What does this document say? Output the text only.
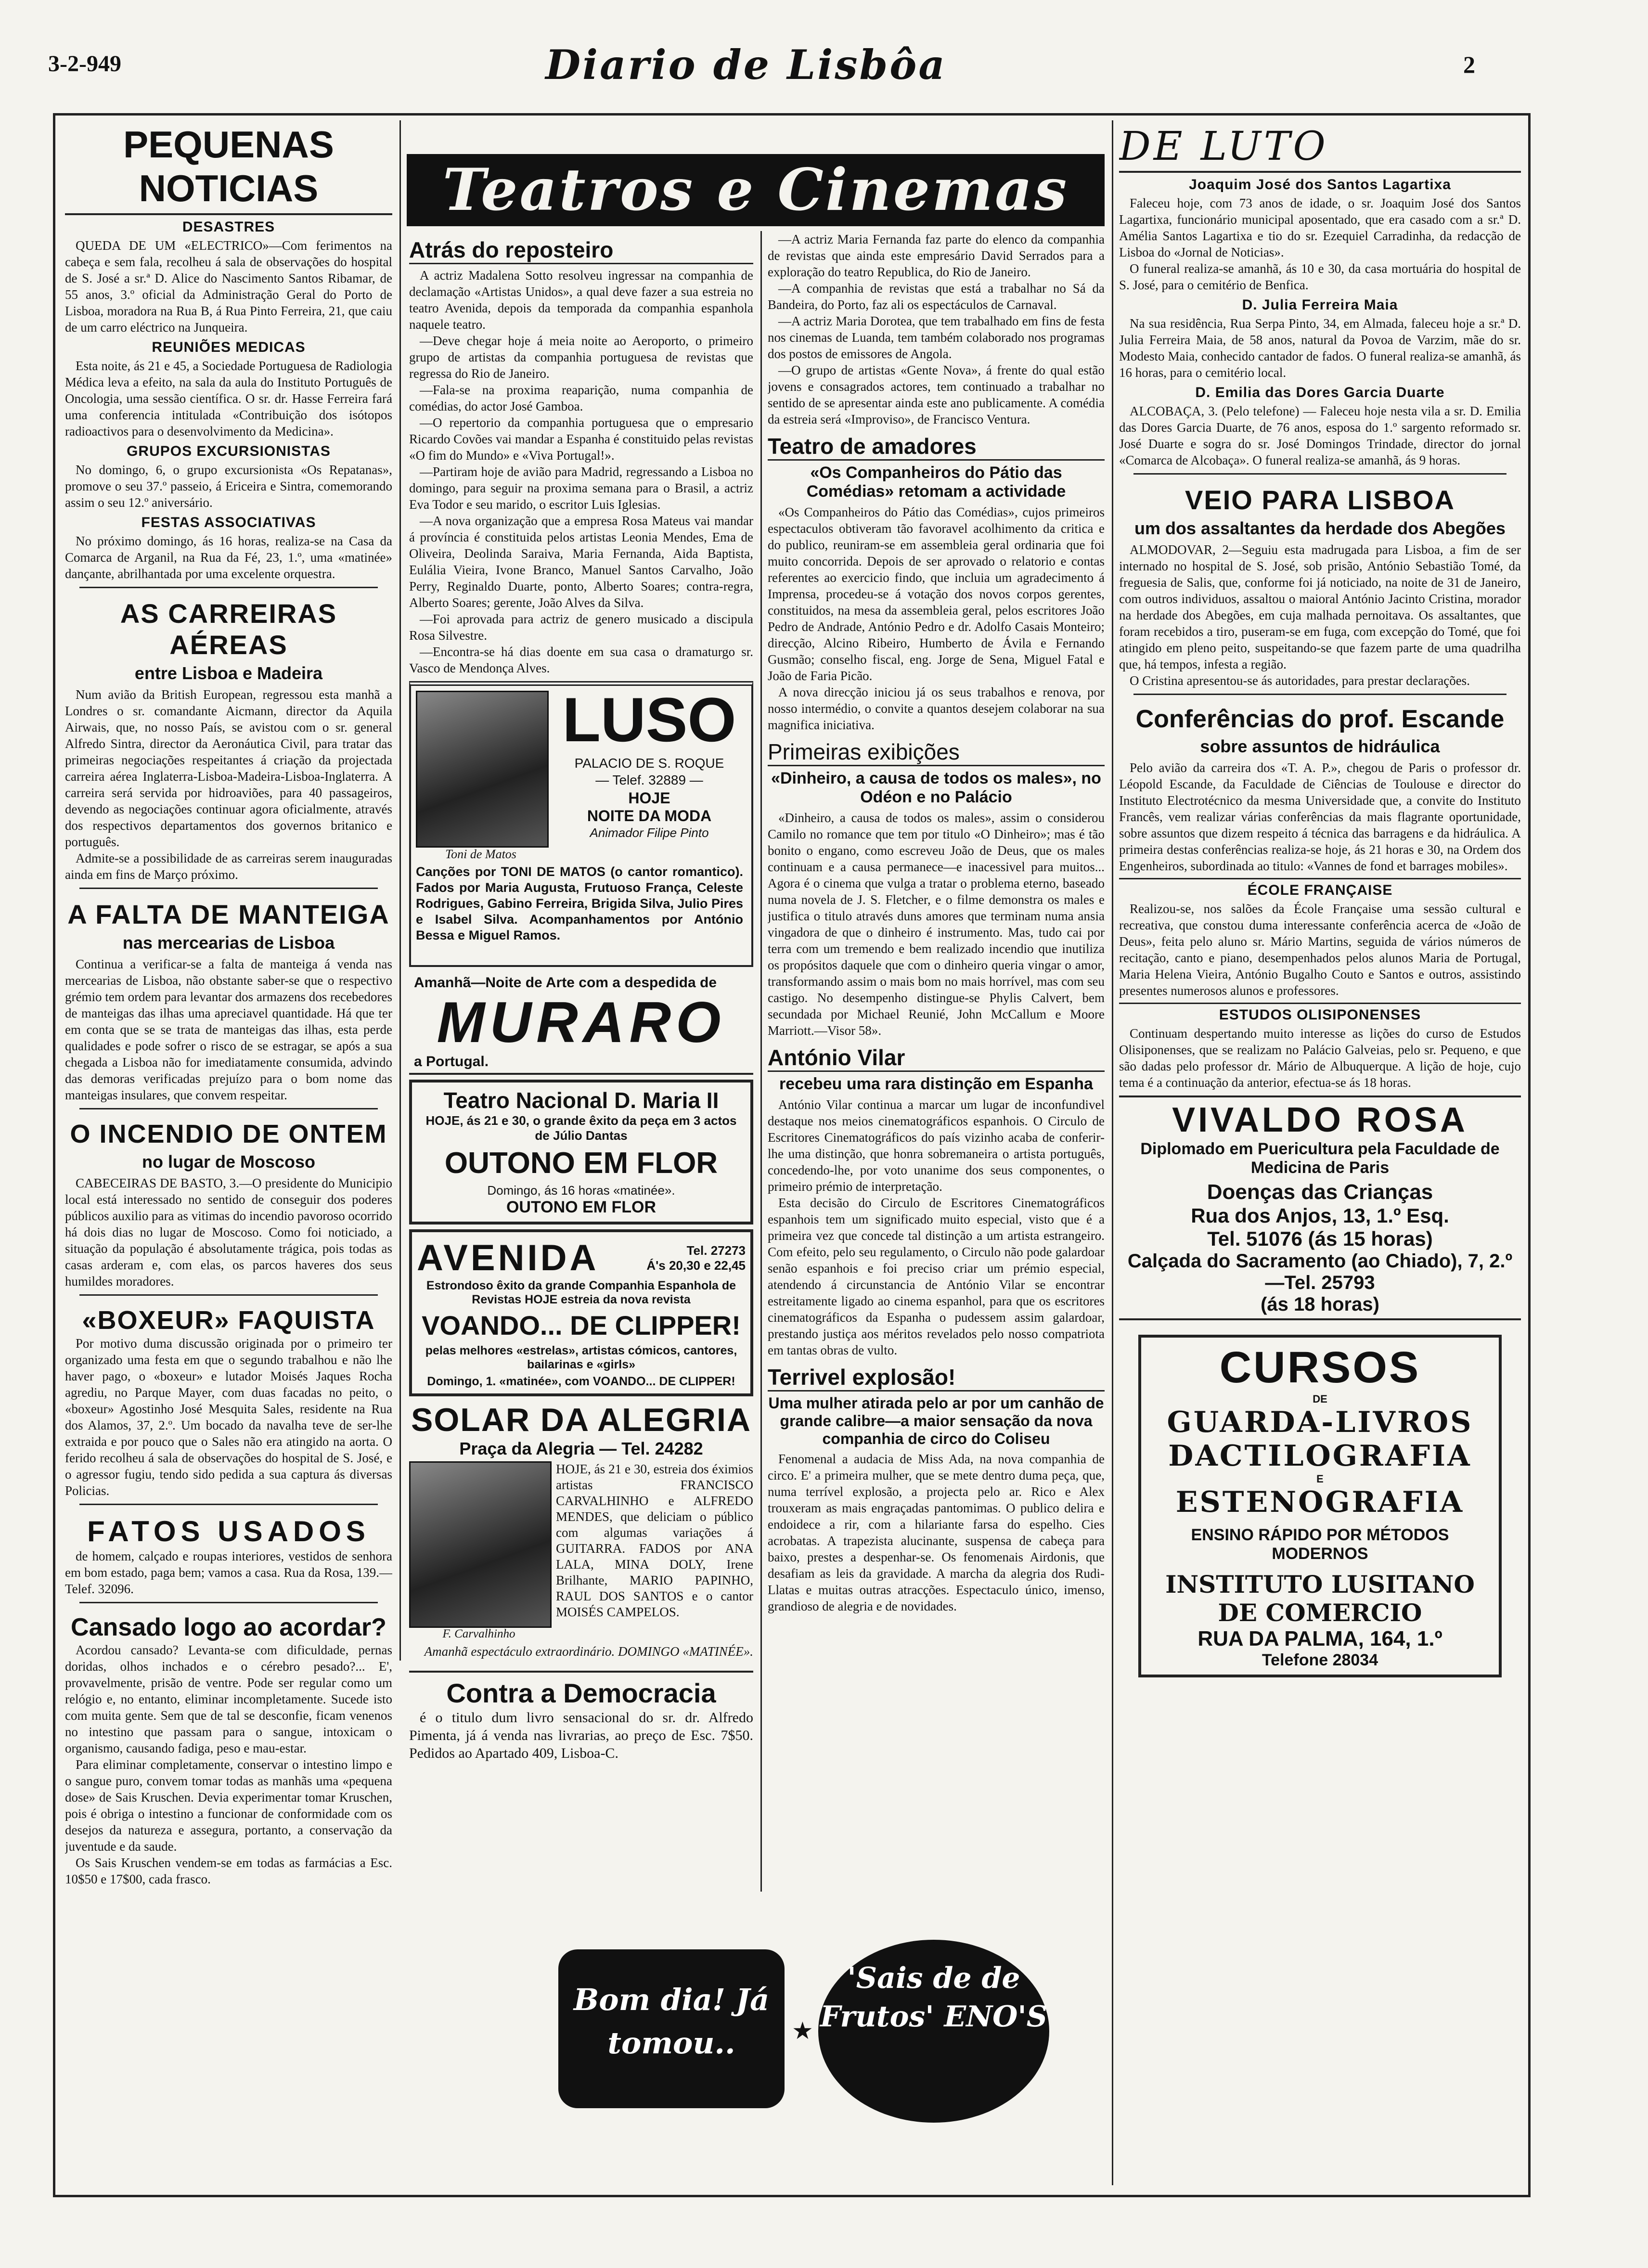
3-2-949	Diario de Lisbôa	2
PEQUENAS NOTICIAS
DESASTRES

QUEDA DE UM «ELECTRICO»—Com ferimentos na cabeça e sem fala, recolheu á sala de observações do hospital de S. José a sr.ª D. Alice do Nascimento Santos Ribamar, de 55 anos, 3.º oficial da Administração Geral do Porto de Lisboa, moradora na Rua B, á Rua Pinto Ferreira, 21, que caiu de um carro eléctrico na Junqueira.

REUNIÕES MEDICAS

Esta noite, ás 21 e 45, a Sociedade Portuguesa de Radiologia Médica leva a efeito, na sala da aula do Instituto Português de Oncologia, uma sessão científica. O sr. dr. Hasse Ferreira fará uma conferencia intitulada «Contribuição dos isótopos radioactivos para o desenvolvimento da Medicina».

GRUPOS EXCURSIONISTAS

No domingo, 6, o grupo excursionista «Os Repatanas», promove o seu 37.º passeio, á Ericeira e Sintra, comemorando assim o seu 12.º aniversário.

FESTAS ASSOCIATIVAS

No próximo domingo, ás 16 horas, realiza-se na Casa da Comarca de Arganil, na Rua da Fé, 23, 1.º, uma «matinée» dançante, abrilhantada por uma excelente orquestra.

AS CARREIRAS AÉREAS
entre Lisboa e Madeira

Num avião da British European, regressou esta manhã a Londres o sr. comandante Aicmann, director da Aquila Airwais, que, no nosso País, se avistou com o sr. general Alfredo Sintra, director da Aeronáutica Civil, para tratar das primeiras negociações respeitantes á criação da projectada carreira aérea Inglaterra-Lisboa-Madeira-Lisboa-Inglaterra. A carreira será servida por hidroaviões, para 40 passageiros, devendo as negociações continuar agora oficialmente, através dos respectivos departamentos dos governos britanico e português.

Admite-se a possibilidade de as carreiras serem inauguradas ainda em fins de Março próximo.

A FALTA DE MANTEIGA
nas mercearias de Lisboa

Continua a verificar-se a falta de manteiga á venda nas mercearias de Lisboa, não obstante saber-se que o respectivo grémio tem ordem para levantar dos armazens dos recebedores de manteigas das ilhas uma apreciavel quantidade. Há que ter em conta que se se trata de manteigas das ilhas, esta perde qualidades e pode sofrer o risco de se estragar, se após a sua chegada a Lisboa não for imediatamente consumida, advindo das demoras verificadas prejuízo para o bom nome das manteigas insulares, que convem respeitar.

O INCENDIO DE ONTEM
no lugar de Moscoso

CABECEIRAS DE BASTO, 3.—O presidente do Municipio local está interessado no sentido de conseguir dos poderes públicos auxilio para as vitimas do incendio pavoroso ocorrido há dois dias no lugar de Moscoso. Como foi noticiado, a situação da população é absolutamente trágica, pois todas as casas arderam e, com elas, os parcos haveres dos seus humildes moradores.

«BOXEUR» FAQUISTA

Por motivo duma discussão originada por o primeiro ter organizado uma festa em que o segundo trabalhou e não lhe haver pago, o «boxeur» e lutador Moisés Jaques Rocha agrediu, no Parque Mayer, com duas facadas no peito, o «boxeur» Agostinho José Mesquita Sales, residente na Rua dos Alamos, 37, 2.º. Um bocado da navalha teve de ser-lhe extraida e por pouco que o Sales não era atingido na aorta. O ferido recolheu á sala de observações do hospital de S. José, e o agressor fugiu, tendo sido pedida a sua captura ás diversas Policias.

FATOS USADOS

de homem, calçado e roupas interiores, vestidos de senhora em bom estado, paga bem; vamos a casa. Rua da Rosa, 139.—Telef. 32096.

Cansado logo ao acordar?

Acordou cansado? Levanta-se com dificuldade, pernas doridas, olhos inchados e o cérebro pesado?... E', provavelmente, prisão de ventre. Pode ser regular como um relógio e, no entanto, eliminar incompletamente. Sucede isto com muita gente. Sem que de tal se desconfie, ficam venenos no intestino que passam para o sangue, intoxicam o organismo, causando fadiga, peso e mau-estar.

Para eliminar completamente, conservar o intestino limpo e o sangue puro, convem tomar todas as manhãs uma «pequena dose» de Sais Kruschen. Devia experimentar tomar Kruschen, pois é obriga o intestino a funcionar de conformidade com os desejos da natureza e assegura, portanto, a conservação da juventude e da saude.

Os Sais Kruschen vendem-se em todas as farmácias a Esc. 10$50 e 17$00, cada frasco.

Teatros e Cinemas
Atrás do reposteiro

A actriz Madalena Sotto resolveu ingressar na companhia de declamação «Artistas Unidos», a qual deve fazer a sua estreia no teatro Avenida, depois da temporada da companhia espanhola naquele teatro.

—Deve chegar hoje á meia noite ao Aeroporto, o primeiro grupo de artistas da companhia portuguesa de revistas que regressa do Rio de Janeiro.

—Fala-se na proxima reaparição, numa companhia de comédias, do actor José Gamboa.

—O repertorio da companhia portuguesa que o empresario Ricardo Covões vai mandar a Espanha é constituido pelas revistas «O fim do Mundo» e «Viva Portugal!».

—Partiram hoje de avião para Madrid, regressando a Lisboa no domingo, para seguir na proxima semana para o Brasil, a actriz Eva Todor e seu marido, o escritor Luis Iglesias.

—A nova organização que a empresa Rosa Mateus vai mandar á província é constituida pelos artistas Leonia Mendes, Ema de Oliveira, Deolinda Saraiva, Maria Fernanda, Aida Baptista, Eulália Vieira, Ivone Branco, Manuel Santos Carvalho, João Perry, Reginaldo Duarte, ponto, Alberto Soares; contra-regra, Alberto Soares; gerente, João Alves da Silva.

—Foi aprovada para actriz de genero musicado a discipula Rosa Silvestre.

—Encontra-se há dias doente em sua casa o dramaturgo sr. Vasco de Mendonça Alves.

LUSO
PALACIO DE S. ROQUE
— Telef. 32889 —
HOJE
NOITE DA MODA
Animador Filipe Pinto
Toni de Matos
Canções por TONI DE MATOS (o cantor romantico). Fados por Maria Augusta, Frutuoso França, Celeste Rodrigues, Gabino Ferreira, Brigida Silva, Julio Pires e Isabel Silva. Acompanhamentos por António Bessa e Miguel Ramos.
Amanhã—Noite de Arte com a despedida de
MURARO
a Portugal.
Teatro Nacional D. Maria II
HOJE, ás 21 e 30, o grande êxito da peça em 3 actos de Júlio Dantas
OUTONO EM FLOR
Domingo, ás 16 horas «matinée».
OUTONO EM FLOR
AVENIDA	Tel. 27273
Á's 20,30 e 22,45
Estrondoso êxito da grande Companhia Espanhola de Revistas HOJE estreia da nova revista
VOANDO... DE CLIPPER!
pelas melhores «estrelas», artistas cómicos, cantores, bailarinas e «girls»
Domingo, 1. «matinée», com VOANDO... DE CLIPPER!
SOLAR DA ALEGRIA
Praça da Alegria — Tel. 24282
HOJE, ás 21 e 30, estreia dos éximios artistas FRANCISCO CARVALHINHO e ALFREDO MENDES, que deliciam o público com algumas variações á GUITARRA. FADOS por ANA LALA, MINA DOLY, Irene Brilhante, MARIO PAPINHO, RAUL DOS SANTOS e o cantor MOISÉS CAMPELOS.
F. Carvalhinho
Amanhã espectáculo extraordinário. DOMINGO «MATINÉE».
Contra a Democracia

é o titulo dum livro sensacional do sr. dr. Alfredo Pimenta, já á venda nas livrarias, ao preço de Esc. 7$50. Pedidos ao Apartado 409, Lisboa-C.

—A actriz Maria Fernanda faz parte do elenco da companhia de revistas que ainda este empresário David Serrados para a exploração do teatro Republica, do Rio de Janeiro.

—A companhia de revistas que está a trabalhar no Sá da Bandeira, do Porto, faz ali os espectáculos de Carnaval.

—A actriz Maria Dorotea, que tem trabalhado em fins de festa nos cinemas de Luanda, tem também colaborado nos programas dos postos de emissores de Angola.

—O grupo de artistas «Gente Nova», á frente do qual estão jovens e consagrados actores, tem continuado a trabalhar no sentido de se apresentar ainda este ano publicamente. A comédia da estreia será «Improviso», de Francisco Ventura.

Teatro de amadores
«Os Companheiros do Pátio das Comédias» retomam a actividade

«Os Companheiros do Pátio das Comédias», cujos primeiros espectaculos obtiveram tão favoravel acolhimento da critica e do publico, reuniram-se em assembleia geral ordinaria que foi muito concorrida. Depois de ser aprovado o relatorio e contas referentes ao exercicio findo, que incluia um agradecimento á Imprensa, procedeu-se á votação dos novos corpos gerentes, constituidos, na mesa da assembleia geral, pelos escritores João Pedro de Andrade, António Pedro e dr. Adolfo Casais Monteiro; direcção, Alcino Ribeiro, Humberto de Ávila e Fernando Gusmão; conselho fiscal, eng. Jorge de Sena, Miguel Fatal e João de Faria Picão.

A nova direcção iniciou já os seus trabalhos e renova, por nosso intermédio, o convite a quantos desejem colaborar na sua magnifica iniciativa.

Primeiras exibições
«Dinheiro, a causa de todos os males», no Odéon e no Palácio

«Dinheiro, a causa de todos os males», assim o considerou Camilo no romance que tem por titulo «O Dinheiro»; mas é tão bonito o engano, como escreveu João de Deus, que os males continuam e a causa permanece—e inacessivel para muitos... Agora é o cinema que vulga a tratar o problema eterno, baseado numa novela de J. S. Fletcher, e o filme demonstra os males e justifica o titulo através duns amores que terminam numa ansia vingadora de que o dinheiro é instrumento. Mas, tudo cai por terra com um tremendo e bem realizado incendio que inutiliza os propósitos daquele que com o dinheiro queria vingar o amor, transformando assim o mais bom no mais horrível, mas com seu castigo. No desempenho distingue-se Phylis Calvert, bem secundada por Michael Reunié, John McCallum e Moore Marriott.—Visor 58».

António Vilar
recebeu uma rara distinção em Espanha

António Vilar continua a marcar um lugar de inconfundivel destaque nos meios cinematográficos espanhois. O Circulo de Escritores Cinematográficos do país vizinho acaba de conferir-lhe uma distinção, que honra sobremaneira o artista português, concedendo-lhe, por voto unanime dos seus componentes, o primeiro prémio de interpretação.

Esta decisão do Circulo de Escritores Cinematográficos espanhois tem um significado muito especial, visto que é a primeira vez que concede tal distinção a um artista estrangeiro. Com efeito, pelo seu regulamento, o Circulo não pode galardoar senão espanhois e foi preciso criar um prémio especial, atendendo á circunstancia de António Vilar se encontrar estreitamente ligado ao cinema espanhol, para que os escritores cinematográficos da Espanha o pudessem assim galardoar, prestando justiça aos méritos revelados pelo nosso compatriota em tantas obras de vulto.

Terrivel explosão!
Uma mulher atirada pelo ar por um canhão de grande calibre—a maior sensação da nova companhia de circo do Coliseu

Fenomenal a audacia de Miss Ada, na nova companhia de circo. E' a primeira mulher, que se mete dentro duma peça, que, numa terrível explosão, a projecta pelo ar. Rico e Alex trouxeram as mais engraçadas pantomimas. O publico delira e endoidece a rir, com a hilariante farsa do espelho. Cies acrobatas. A trapezista alucinante, suspensa de cabeça para baixo, prestes a despenhar-se. Os fenomenais Airdonis, que desafiam as leis da gravidade. A marcha da alegria dos Rudi-Llatas e muitas outras atracções. Espectaculo único, imenso, grandioso de alegria e de novidades.

Bom dia! Já tomou..
'Sais de de Frutos' ENO'S
★
DE LUTO
Joaquim José dos Santos Lagartixa

Faleceu hoje, com 73 anos de idade, o sr. Joaquim José dos Santos Lagartixa, funcionário municipal aposentado, que era casado com a sr.ª D. Amélia Santos Lagartixa e tio do sr. Ezequiel Carradinha, da redacção de Lisboa do «Jornal de Noticias».

O funeral realiza-se amanhã, ás 10 e 30, da casa mortuária do hospital de S. José, para o cemitério de Benfica.

D. Julia Ferreira Maia

Na sua residência, Rua Serpa Pinto, 34, em Almada, faleceu hoje a sr.ª D. Julia Ferreira Maia, de 58 anos, natural da Povoa de Varzim, mãe do sr. Modesto Maia, conhecido cantador de fados. O funeral realiza-se amanhã, ás 16 horas, para o cemitério local.

D. Emilia das Dores Garcia Duarte

ALCOBAÇA, 3. (Pelo telefone) — Faleceu hoje nesta vila a sr. D. Emilia das Dores Garcia Duarte, de 76 anos, esposa do 1.º sargento reformado sr. José Duarte e sogra do sr. José Domingos Trindade, director do jornal «Comarca de Alcobaça». O funeral realiza-se amanhã, ás 9 horas.

VEIO PARA LISBOA
um dos assaltantes da herdade dos Abegões

ALMODOVAR, 2—Seguiu esta madrugada para Lisboa, a fim de ser internado no hospital de S. José, sob prisão, António Sebastião Tomé, da freguesia de Salis, que, conforme foi já noticiado, na noite de 31 de Janeiro, com outros individuos, assaltou o maioral António Jacinto Cristina, morador na herdade dos Abegões, em cuja malhada pernoitava. Os assaltantes, que foram recebidos a tiro, puseram-se em fuga, com excepção do Tomé, que foi atingido em pleno peito, suspeitando-se que fazem parte de uma quadrilha que, há tempos, infesta a região.

O Cristina apresentou-se ás autoridades, para prestar declarações.

Conferências do prof. Escande
sobre assuntos de hidráulica

Pelo avião da carreira dos «T. A. P.», chegou de Paris o professor dr. Léopold Escande, da Faculdade de Ciências de Toulouse e director do Instituto Electrotécnico da mesma Universidade que, a convite do Instituto Francês, vem realizar várias conferências da mais flagrante oportunidade, sobre assuntos que dizem respeito á técnica das barragens e da hidráulica. A primeira destas conferências realiza-se hoje, ás 21 horas e 30, na Ordem dos Engenheiros, subordinada ao titulo: «Vannes de fond et barrages mobiles».

ÉCOLE FRANÇAISE

Realizou-se, nos salões da École Française uma sessão cultural e recreativa, que constou duma interessante conferência acerca de «João de Deus», feita pelo aluno sr. Mário Martins, seguida de vários números de recitação, canto e piano, desempenhados pelos alunos Maria de Portugal, Maria Helena Vieira, António Bugalho Couto e Santos e outros, assistindo presentes numerosos alunos e professores.

ESTUDOS OLISIPONENSES

Continuam despertando muito interesse as lições do curso de Estudos Olisiponenses, que se realizam no Palácio Galveias, pelo sr. Pequeno, e que são dadas pelo professor dr. Mário de Albuquerque. A lição de hoje, cujo tema é a continuação da anterior, efectua-se ás 18 horas.

VIVALDO ROSA
Diplomado em Puericultura pela Faculdade de Medicina de Paris
Doenças das Crianças
Rua dos Anjos, 13, 1.º Esq.
Tel. 51076 (ás 15 horas)
Calçada do Sacramento (ao Chiado), 7, 2.º —Tel. 25793
(ás 18 horas)
CURSOS
DE
GUARDA-LIVROS
DACTILOGRAFIA
E
ESTENOGRAFIA
ENSINO RÁPIDO POR MÉTODOS MODERNOS
INSTITUTO LUSITANO DE COMERCIO
RUA DA PALMA, 164, 1.º
Telefone 28034
